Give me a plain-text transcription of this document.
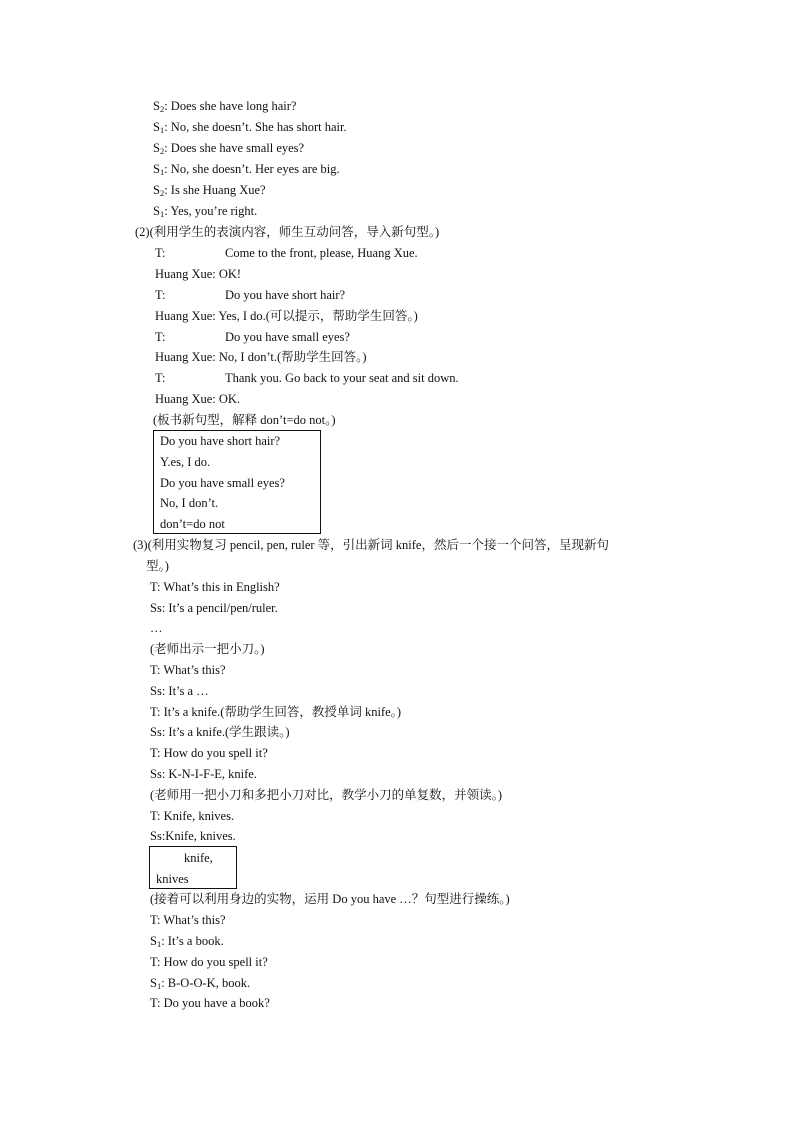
$S_2$: Does she have long hair?
$S_1$: No, she doesn’t. She has short hair.
$S_2$: Does she have small eyes?
$S_1$: No, she doesn’t. Her eyes are big.
$S_2$: Is she Huang Xue?
$S_1$: Yes, you’re right.
(2)(利用学生的表演内容，师生互动问答，导入新句型。)
T:	Come to the front, please, Huang Xue.
Huang Xue: OK!
T:	Do you have short hair?
Huang Xue: Yes, I do.(可以提示，帮助学生回答。)
T:	Do you have small eyes?
Huang Xue: No, I don’t.(帮助学生回答。)
T:	Thank you. Go back to your seat and sit down.
Huang Xue: OK.
(板书新句型，解释 don’t=do not。)
Do you have short hair?
Y.es, I do.
Do you have small eyes?
No, I don’t.
don’t=do not
(3)(利用实物复习 pencil, pen, ruler 等，引出新词 knife，然后一个接一个问答，呈现新句
型。)
T: What’s this in English?
Ss: It’s a pencil/pen/ruler.
…
(老师出示一把小刀。)
T: What’s this?
Ss: It’s a …
T: It’s a knife.(帮助学生回答，教授单词 knife。)
Ss: It’s a knife.(学生跟读。)
T: How do you spell it?
Ss: K-N-I-F-E, knife.
(老师用一把小刀和多把小刀对比，教学小刀的单复数，并领读。)
T: Knife, knives.
Ss:Knife, knives.
knife,
knives
(接着可以利用身边的实物，运用 Do you have …？句型进行操练。)
T: What’s this?
$S_1$: It’s a book.
T: How do you spell it?
$S_1$: B-O-O-K, book.
T: Do you have a book?
